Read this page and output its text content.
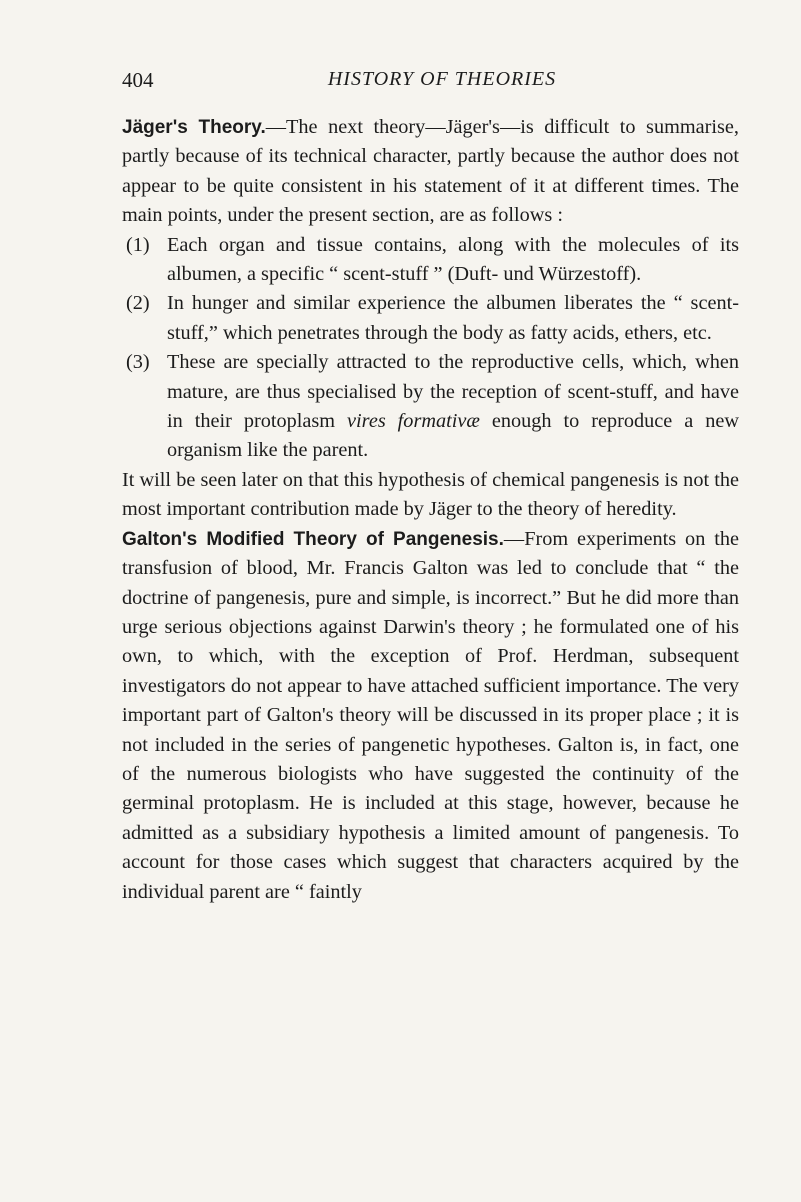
404	HISTORY OF THEORIES

Jäger's Theory.—The next theory—Jäger's—is difficult to summarise, partly because of its technical character, partly because the author does not appear to be quite consistent in his statement of it at different times. The main points, under the present section, are as follows :

(1) Each organ and tissue contains, along with the molecules of its albumen, a specific “ scent-stuff ” (Duft- und Würzestoff).
(2) In hunger and similar experience the albumen liberates the “ scent-stuff,” which penetrates through the body as fatty acids, ethers, etc.
(3) These are specially attracted to the reproductive cells, which, when mature, are thus specialised by the reception of scent-stuff, and have in their protoplasm vires formativæ enough to reproduce a new organism like the parent.

It will be seen later on that this hypothesis of chemical pangenesis is not the most important contribution made by Jäger to the theory of heredity.

Galton's Modified Theory of Pangenesis.—From experiments on the transfusion of blood, Mr. Francis Galton was led to conclude that “ the doctrine of pangenesis, pure and simple, is incorrect.” But he did more than urge serious objections against Darwin's theory ; he formulated one of his own, to which, with the exception of Prof. Herdman, subsequent investigators do not appear to have attached sufficient importance. The very important part of Galton's theory will be discussed in its proper place ; it is not included in the series of pangenetic hypotheses. Galton is, in fact, one of the numerous biologists who have suggested the continuity of the germinal protoplasm. He is included at this stage, however, because he admitted as a subsidiary hypothesis a limited amount of pangenesis. To account for those cases which suggest that characters acquired by the individual parent are “ faintly
